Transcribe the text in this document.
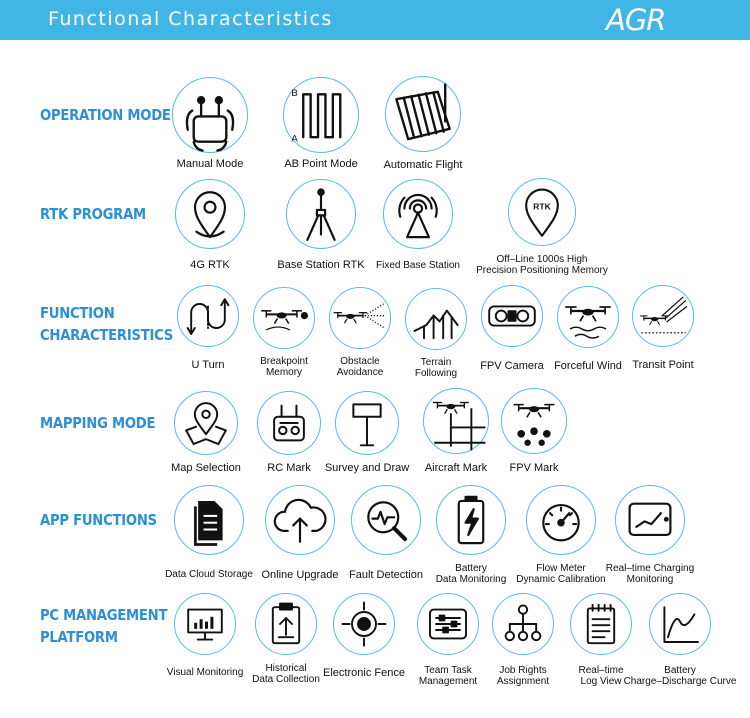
Functional Characteristics	AGR
OPERATION MODE
Manual Mode
B
A
AB Point Mode Automatic Flight
RTK PROGRAM
4G RTK	Base Station RTK Fixed Base Station
RTK
Off–Line 1000s High
Precision Positioning Memory
FUNCTION
CHARACTERISTICS
U Turn	Breakpoint
Memory
Obstacle
Avoidance
Terrain
Following
FPV Camera Forceful Wind Transit Point
MAPPING MODE
Map Selection RC Mark Survey and Draw Aircraft Mark FPV Mark
APP FUNCTIONS
Data Cloud Storage Online Upgrade Fault Detection
Battery
Data Monitoring
Flow Meter
Dynamic Calibration
Real–time Charging
Monitoring
PC MANAGEMENT
PLATFORM
Visual Monitoring Historical
Data Collection
Electronic Fence Team Task
Management
Job Rights
Assignment
Real–time
Log View
Battery
Charge–Discharge Curve
